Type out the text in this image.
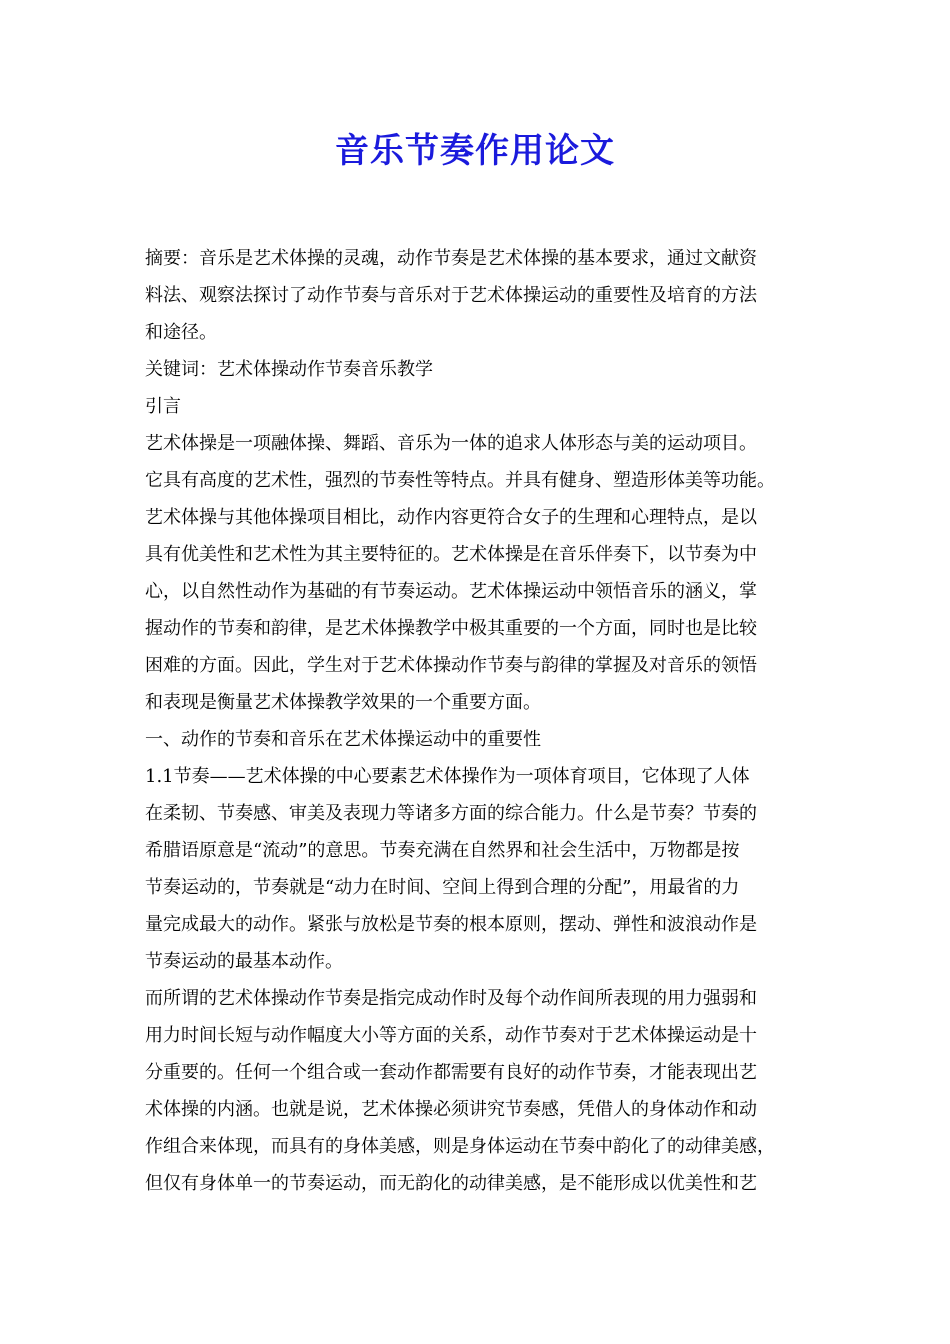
音乐节奏作用论文
摘要：音乐是艺术体操的灵魂，动作节奏是艺术体操的基本要求，通过文献资
料法、观察法探讨了动作节奏与音乐对于艺术体操运动的重要性及培育的方法
和途径。
关键词：艺术体操动作节奏音乐教学
引言
艺术体操是一项融体操、舞蹈、音乐为一体的追求人体形态与美的运动项目。
它具有高度的艺术性，强烈的节奏性等特点。并具有健身、塑造形体美等功能。
艺术体操与其他体操项目相比，动作内容更符合女子的生理和心理特点，是以
具有优美性和艺术性为其主要特征的。艺术体操是在音乐伴奏下，以节奏为中
心，以自然性动作为基础的有节奏运动。艺术体操运动中领悟音乐的涵义，掌
握动作的节奏和韵律，是艺术体操教学中极其重要的一个方面，同时也是比较
困难的方面。因此，学生对于艺术体操动作节奏与韵律的掌握及对音乐的领悟
和表现是衡量艺术体操教学效果的一个重要方面。
一、动作的节奏和音乐在艺术体操运动中的重要性
1.1节奏——艺术体操的中心要素艺术体操作为一项体育项目，它体现了人体
在柔韧、节奏感、审美及表现力等诸多方面的综合能力。什么是节奏？节奏的
希腊语原意是“流动”的意思。节奏充满在自然界和社会生活中，万物都是按
节奏运动的，节奏就是“动力在时间、空间上得到合理的分配”，用最省的力
量完成最大的动作。紧张与放松是节奏的根本原则，摆动、弹性和波浪动作是
节奏运动的最基本动作。
而所谓的艺术体操动作节奏是指完成动作时及每个动作间所表现的用力强弱和
用力时间长短与动作幅度大小等方面的关系，动作节奏对于艺术体操运动是十
分重要的。任何一个组合或一套动作都需要有良好的动作节奏，才能表现出艺
术体操的内涵。也就是说，艺术体操必须讲究节奏感，凭借人的身体动作和动
作组合来体现，而具有的身体美感，则是身体运动在节奏中韵化了的动律美感，
但仅有身体单一的节奏运动，而无韵化的动律美感，是不能形成以优美性和艺
